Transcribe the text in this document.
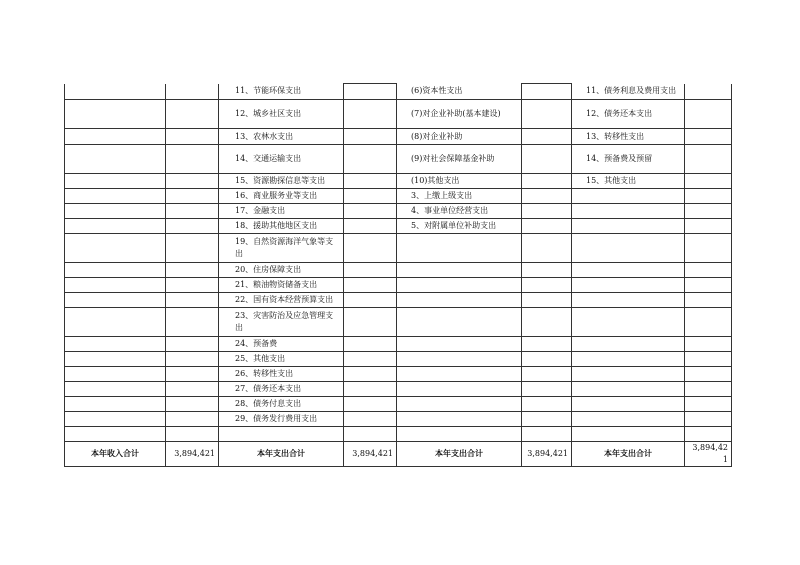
		11、节能环保支出		(6)资本性支出		11、债务利息及费用支出	
		12、城乡社区支出		(7)对企业补助(基本建设)		12、债务还本支出	
		13、农林水支出		(8)对企业补助		13、转移性支出	
		14、交通运输支出		(9)对社会保障基金补助		14、预备费及预留	
		15、资源勘探信息等支出		(10)其他支出		15、其他支出	
		16、商业服务业等支出		3、上缴上级支出			
		17、金融支出		4、事业单位经营支出			
		18、援助其他地区支出		5、对附属单位补助支出			
		19、自然资源海洋气象等支出					
		20、住房保障支出					
		21、粮油物资储备支出					
		22、国有资本经营预算支出					
		23、灾害防治及应急管理支出					
		24、预备费					
		25、其他支出					
		26、转移性支出					
		27、债务还本支出					
		28、债务付息支出					
		29、债务发行费用支出					

本年收入合计	3,894,421	本年支出合计	3,894,421	本年支出合计	3,894,421	本年支出合计	3,894,421
